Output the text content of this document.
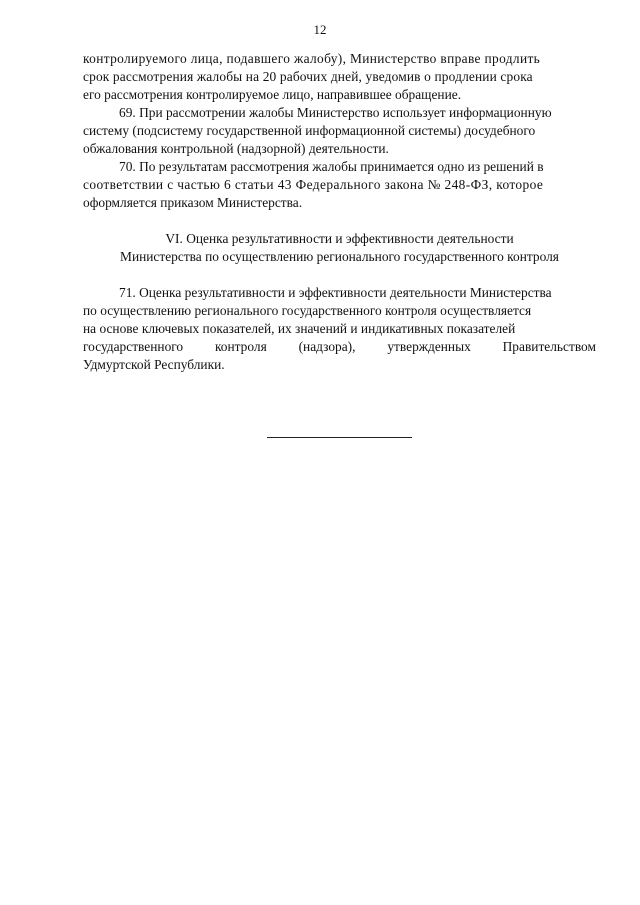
12
контролируемого лица, подавшего жалобу), Министерство вправе продлить
срок рассмотрения жалобы на 20 рабочих дней, уведомив о продлении срока
его рассмотрения контролируемое лицо, направившее обращение.
69. При рассмотрении жалобы Министерство использует информационную
систему (подсистему государственной информационной системы) досудебного
обжалования контрольной (надзорной) деятельности.
70. По результатам рассмотрения жалобы принимается одно из решений в
соответствии с частью 6 статьи 43 Федерального закона № 248-ФЗ, которое
оформляется приказом Министерства.
VI. Оценка результативности и эффективности деятельности
Министерства по осуществлению регионального государственного контроля
71. Оценка результативности и эффективности деятельности Министерства
по осуществлению регионального государственного контроля осуществляется
на основе ключевых показателей, их значений и индикативных показателей
государственного контроля (надзора), утвержденных Правительством
Удмуртской Республики.
